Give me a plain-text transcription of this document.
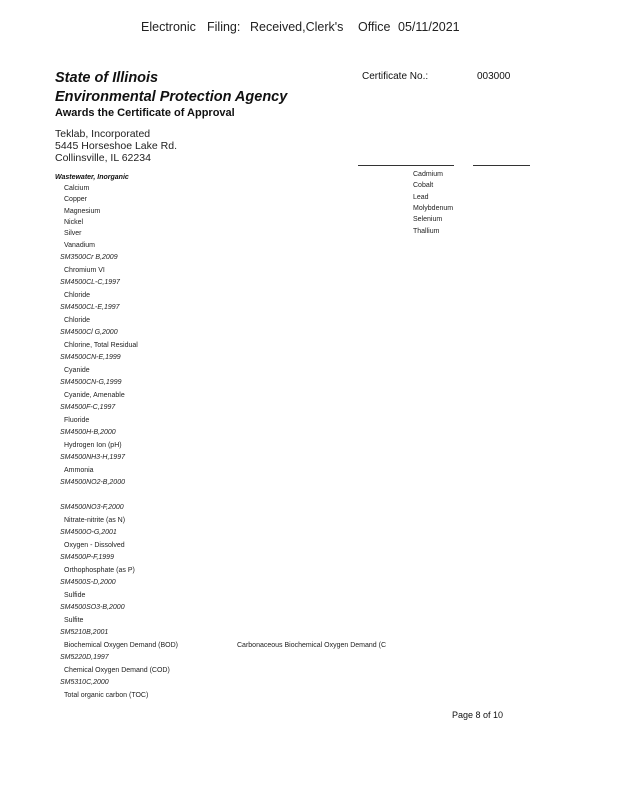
Electronic Filing: Received,Clerk's Office 05/11/2021
State of Illinois
Environmental Protection Agency
Awards the Certificate of Approval
Certificate No.:	003000
Teklab, Incorporated
5445 Horseshoe Lake Rd.
Collinsville, IL 62234
Wastewater, Inorganic
Calcium
Copper
Magnesium
Nickel
Silver
Vanadium
Cadmium
Cobalt
Lead
Molybdenum
Selenium
Thallium
SM3500Cr B,2009
Chromium VI
SM4500CL-C,1997
Chloride
SM4500CL-E,1997
Chloride
SM4500Cl G,2000
Chlorine, Total Residual
SM4500CN-E,1999
Cyanide
SM4500CN-G,1999
Cyanide, Amenable
SM4500F-C,1997
Fluoride
SM4500H-B,2000
Hydrogen Ion (pH)
SM4500NH3-H,1997
Ammonia
SM4500NO2-B,2000
SM4500NO3-F,2000
Nitrate-nitrite (as N)
SM4500O-G,2001
Oxygen - Dissolved
SM4500P-F,1999
Orthophosphate (as P)
SM4500S-D,2000
Sulfide
SM4500SO3-B,2000
Sulfite
SM5210B,2001
Biochemical Oxygen Demand (BOD)	Carbonaceous Biochemical Oxygen Demand (C
SM5220D,1997
Chemical Oxygen Demand (COD)
SM5310C,2000
Total organic carbon (TOC)
Page 8 of 10
